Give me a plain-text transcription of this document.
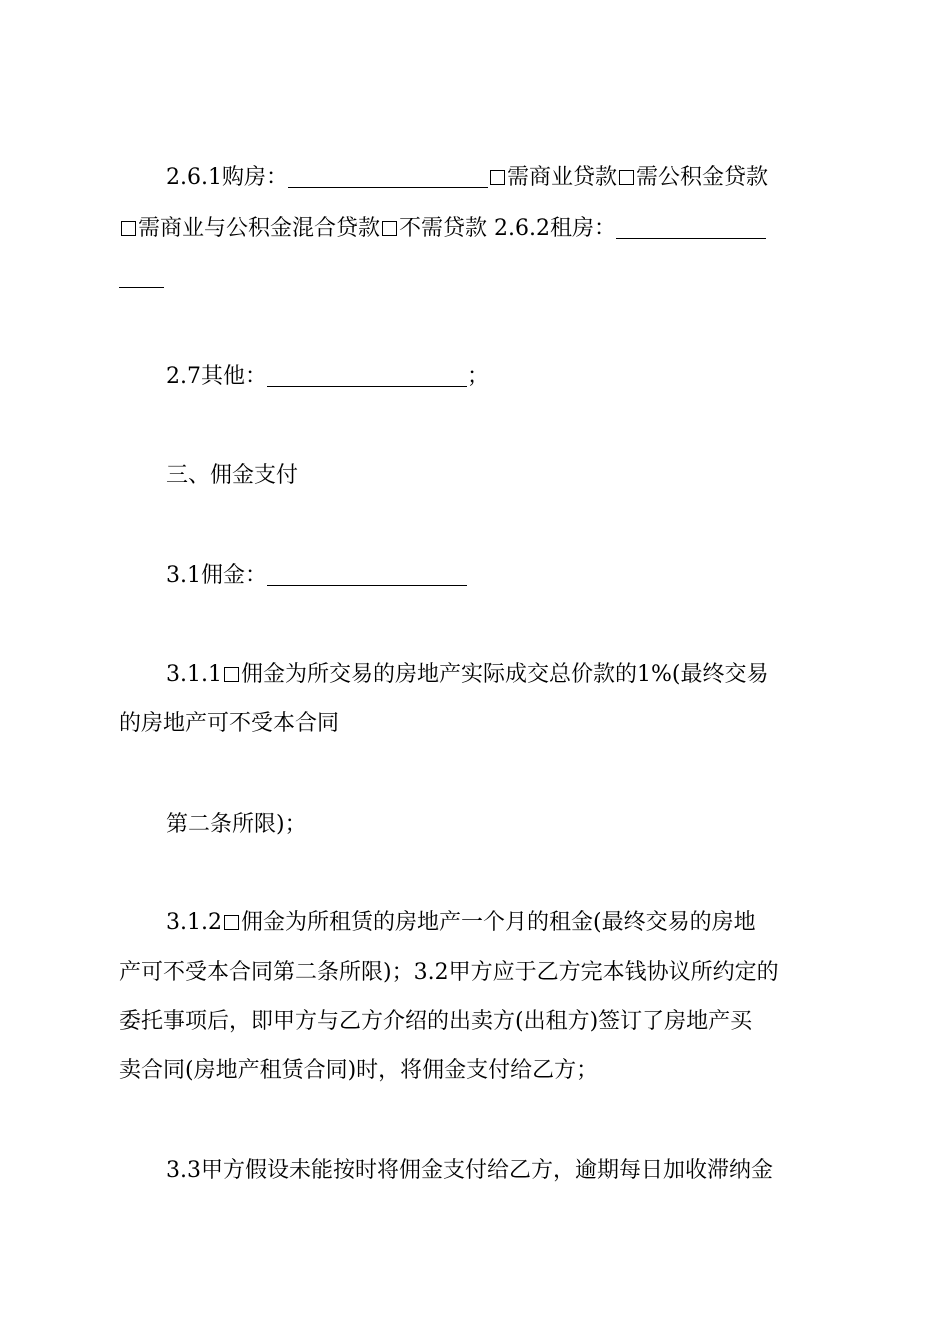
2.6.1购房：	需商业贷款 需公积金贷款
需商业与公积金混合贷款 不需贷款 2.6.2租房：
2.7其他：	；
三、佣金支付
3.1佣金：
3.1.1 佣金为所交易的房地产实际成交总价款的1%(最终交易
的房地产可不受本合同
第二条所限)；
3.1.2 佣金为所租赁的房地产一个月的租金(最终交易的房地
产可不受本合同第二条所限)；3.2甲方应于乙方完本钱协议所约定的
委托事项后，即甲方与乙方介绍的出卖方(出租方)签订了房地产买
卖合同(房地产租赁合同)时，将佣金支付给乙方；
3.3甲方假设未能按时将佣金支付给乙方，逾期每日加收滞纳金
